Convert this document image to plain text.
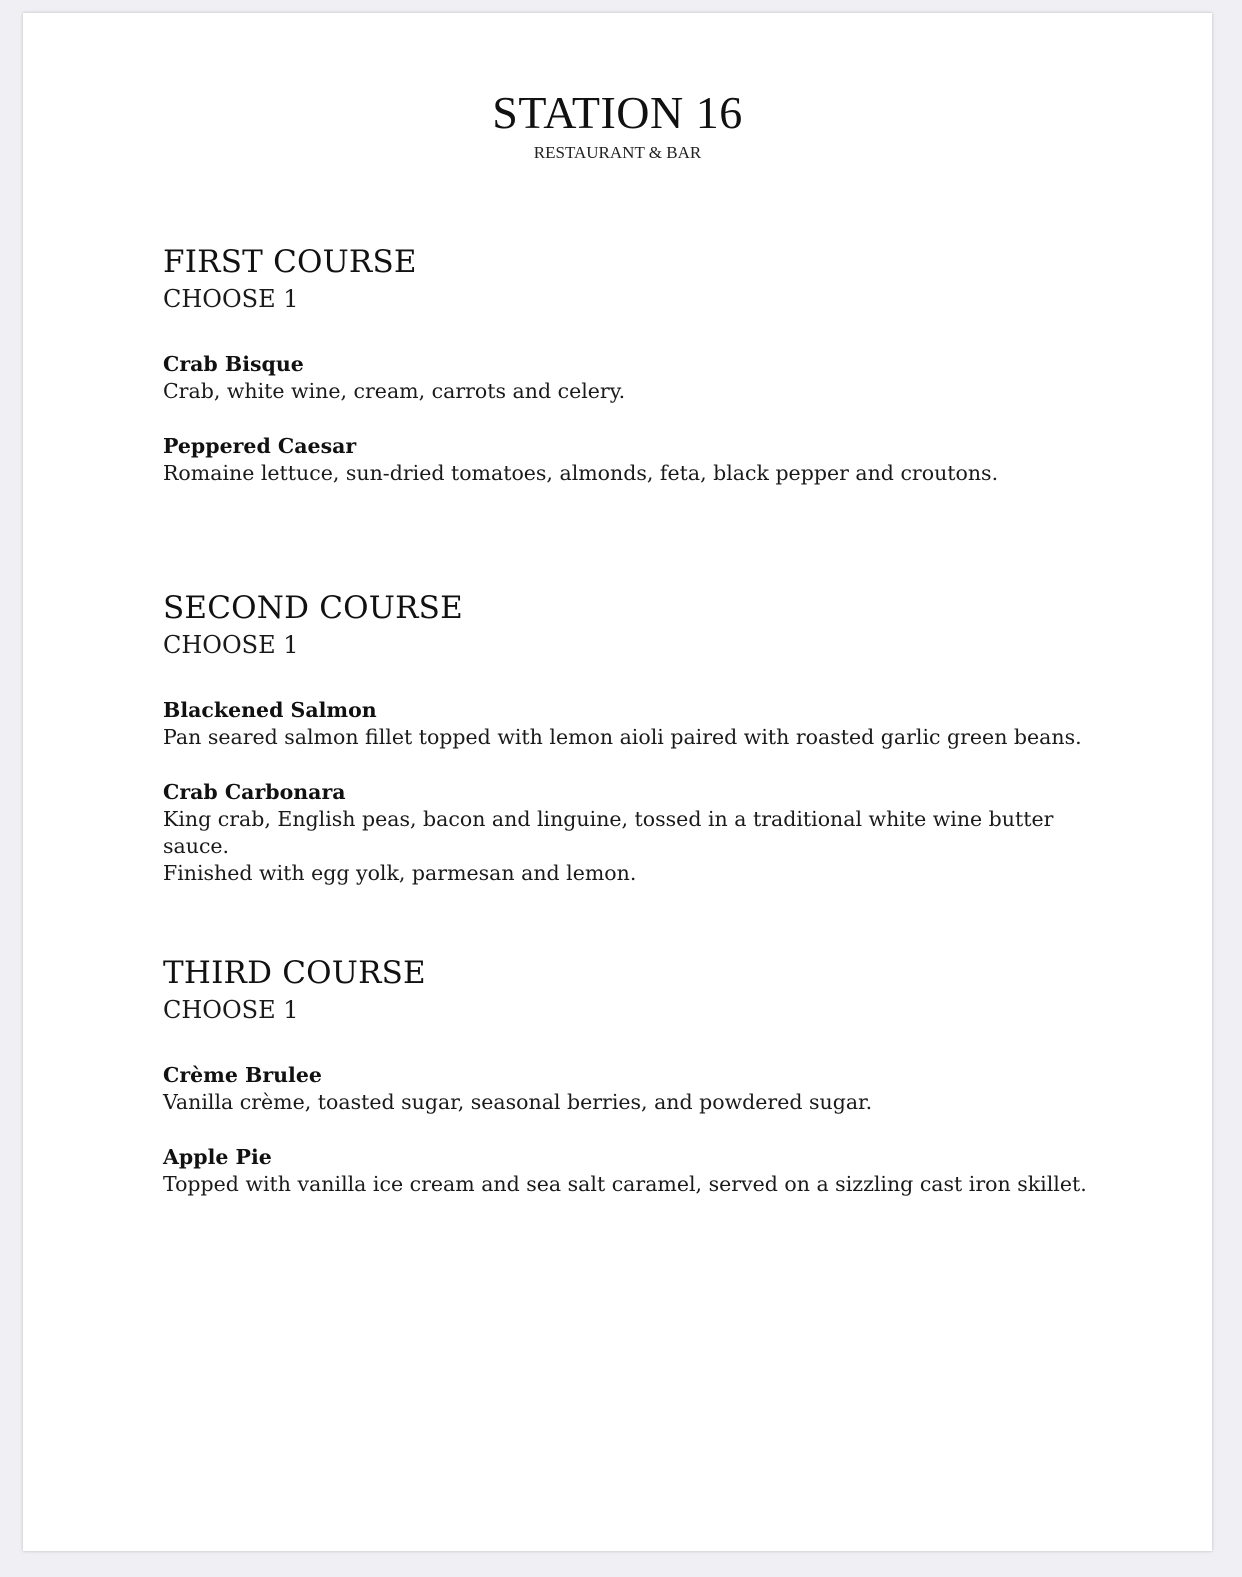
STATION 16
RESTAURANT & BAR
FIRST COURSE
CHOOSE 1
Crab Bisque
Crab, white wine, cream, carrots and celery.
Peppered Caesar
Romaine lettuce, sun-dried tomatoes, almonds, feta, black pepper and croutons.
SECOND COURSE
CHOOSE 1
Blackened Salmon
Pan seared salmon fillet topped with lemon aioli paired with roasted garlic green beans.
Crab Carbonara
King crab, English peas, bacon and linguine, tossed in a traditional white wine butter sauce.
Finished with egg yolk, parmesan and lemon.
THIRD COURSE
CHOOSE 1
Crème Brulee
Vanilla crème, toasted sugar, seasonal berries, and powdered sugar.
Apple Pie
Topped with vanilla ice cream and sea salt caramel, served on a sizzling cast iron skillet.
